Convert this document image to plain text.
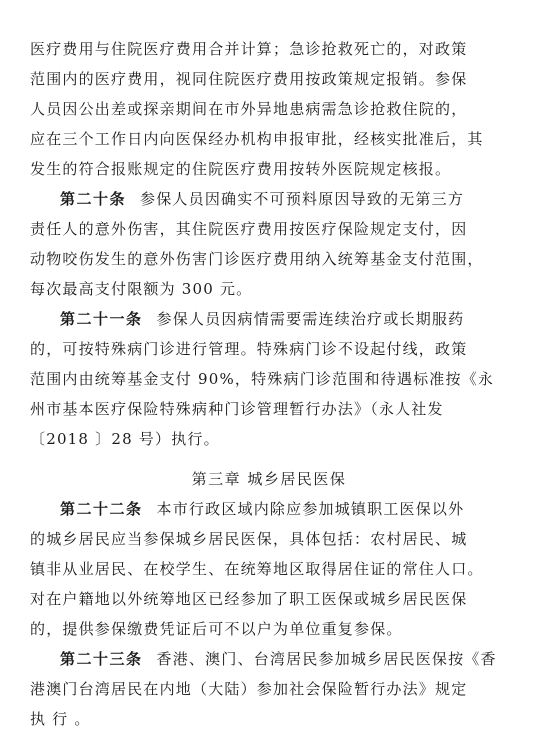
医疗费用与住院医疗费用合并计算；急诊抢救死亡的，对政策
范围内的医疗费用，视同住院医疗费用按政策规定报销。参保
人员因公出差或探亲期间在市外异地患病需急诊抢救住院的，
应在三个工作日内向医保经办机构申报审批，经核实批准后，其
发生的符合报账规定的住院医疗费用按转外医院规定核报。
第二十条 参保人员因确实不可预料原因导致的无第三方
责任人的意外伤害，其住院医疗费用按医疗保险规定支付，因
动物咬伤发生的意外伤害门诊医疗费用纳入统筹基金支付范围，
每次最高支付限额为 300 元。
第二十一条 参保人员因病情需要需连续治疗或长期服药
的，可按特殊病门诊进行管理。特殊病门诊不设起付线，政策
范围内由统筹基金支付 90%，特殊病门诊范围和待遇标准按《永
州市基本医疗保险特殊病种门诊管理暂行办法》（永人社发
〔2018 〕28 号）执行。
第三章 城乡居民医保
第二十二条 本市行政区域内除应参加城镇职工医保以外
的城乡居民应当参保城乡居民医保，具体包括：农村居民、城
镇非从业居民、在校学生、在统筹地区取得居住证的常住人口。
对在户籍地以外统筹地区已经参加了职工医保或城乡居民医保
的，提供参保缴费凭证后可不以户为单位重复参保。
第二十三条 香港、澳门、台湾居民参加城乡居民医保按《香
港澳门台湾居民在内地（大陆）参加社会保险暂行办法》规定
执 行 。
